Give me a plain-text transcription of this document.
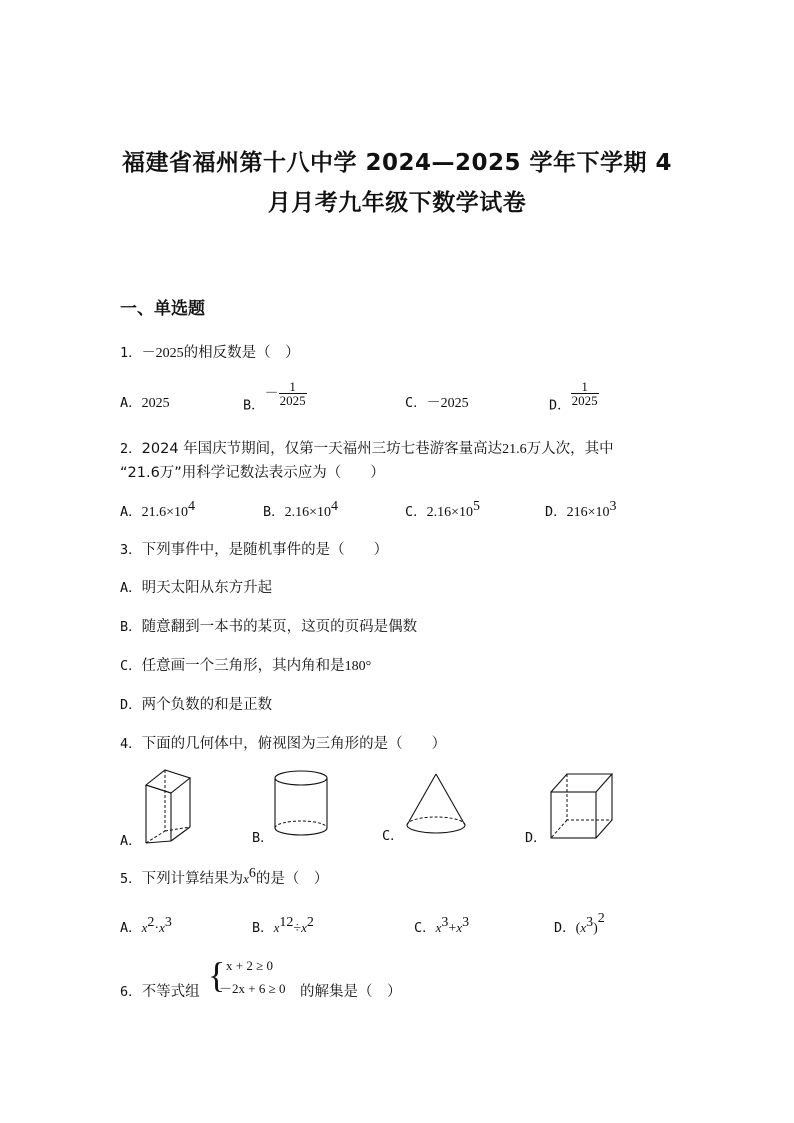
福建省福州第十八中学 2024—2025 学年下学期 4
月月考九年级下数学试卷
一、单选题
1．－2025的相反数是（　）
A．2025	B．－ $\frac{1}{2025}$	C．－2025	D． $\frac{1}{2025}$
2．2024 年国庆节期间，仅第一天福州三坊七巷游客量高达21.6万人次，其中
“21.6万”用科学记数法表示应为（　　）
A．$21.6\times 10^4$	B．$2.16\times 10^4$	C．$2.16\times 10^5$	D．$216\times 10^3$
3．下列事件中，是随机事件的是（　　）
A．明天太阳从东方升起
B．随意翻到一本书的某页，这页的页码是偶数
C．任意画一个三角形，其内角和是180°
D．两个负数的和是正数
4．下面的几何体中，俯视图为三角形的是（　　）
A．	B．	C．	D．
5．下列计算结果为$x^6$的是（　）
A．$x^2\cdot x^3$	B．$x^{12}\div x^2$	C．$x^3+x^3$	D．$(x^3)^2$
6．不等式组 { x + 2 ≥ 0
－2x + 6 ≥ 0 的解集是（　）
